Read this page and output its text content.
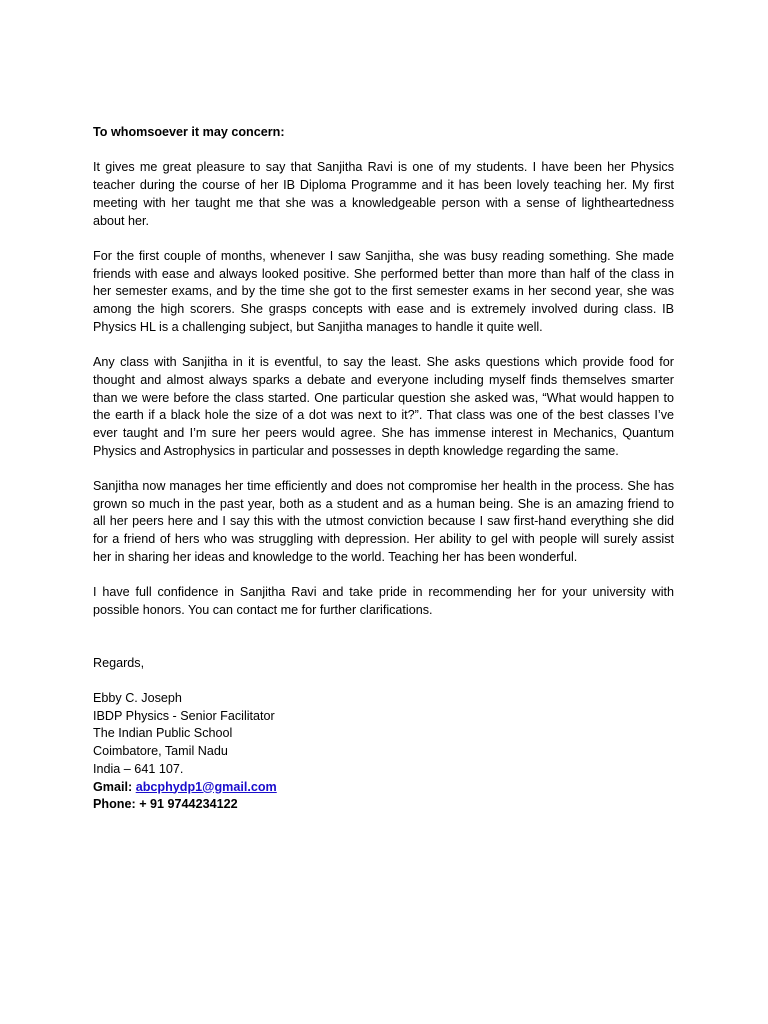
To whomsoever it may concern:

It gives me great pleasure to say that Sanjitha Ravi is one of my students. I have been her Physics teacher during the course of her IB Diploma Programme and it has been lovely teaching her. My first meeting with her taught me that she was a knowledgeable person with a sense of lightheartedness about her.

For the first couple of months, whenever I saw Sanjitha, she was busy reading something. She made friends with ease and always looked positive. She performed better than more than half of the class in her semester exams, and by the time she got to the first semester exams in her second year, she was among the high scorers. She grasps concepts with ease and is extremely involved during class. IB Physics HL is a challenging subject, but Sanjitha manages to handle it quite well.

Any class with Sanjitha in it is eventful, to say the least. She asks questions which provide food for thought and almost always sparks a debate and everyone including myself finds themselves smarter than we were before the class started. One particular question she asked was, “What would happen to the earth if a black hole the size of a dot was next to it?”. That class was one of the best classes I’ve ever taught and I’m sure her peers would agree. She has immense interest in Mechanics, Quantum Physics and Astrophysics in particular and possesses in depth knowledge regarding the same.

Sanjitha now manages her time efficiently and does not compromise her health in the process. She has grown so much in the past year, both as a student and as a human being. She is an amazing friend to all her peers here and I say this with the utmost conviction because I saw first-hand everything she did for a friend of hers who was struggling with depression. Her ability to gel with people will surely assist her in sharing her ideas and knowledge to the world. Teaching her has been wonderful.

I have full confidence in Sanjitha Ravi and take pride in recommending her for your university with possible honors. You can contact me for further clarifications.

Regards,

Ebby C. Joseph

IBDP Physics - Senior Facilitator

The Indian Public School

Coimbatore, Tamil Nadu

India – 641 107.

Gmail: abcphydp1@gmail.com

Phone: + 91 9744234122
